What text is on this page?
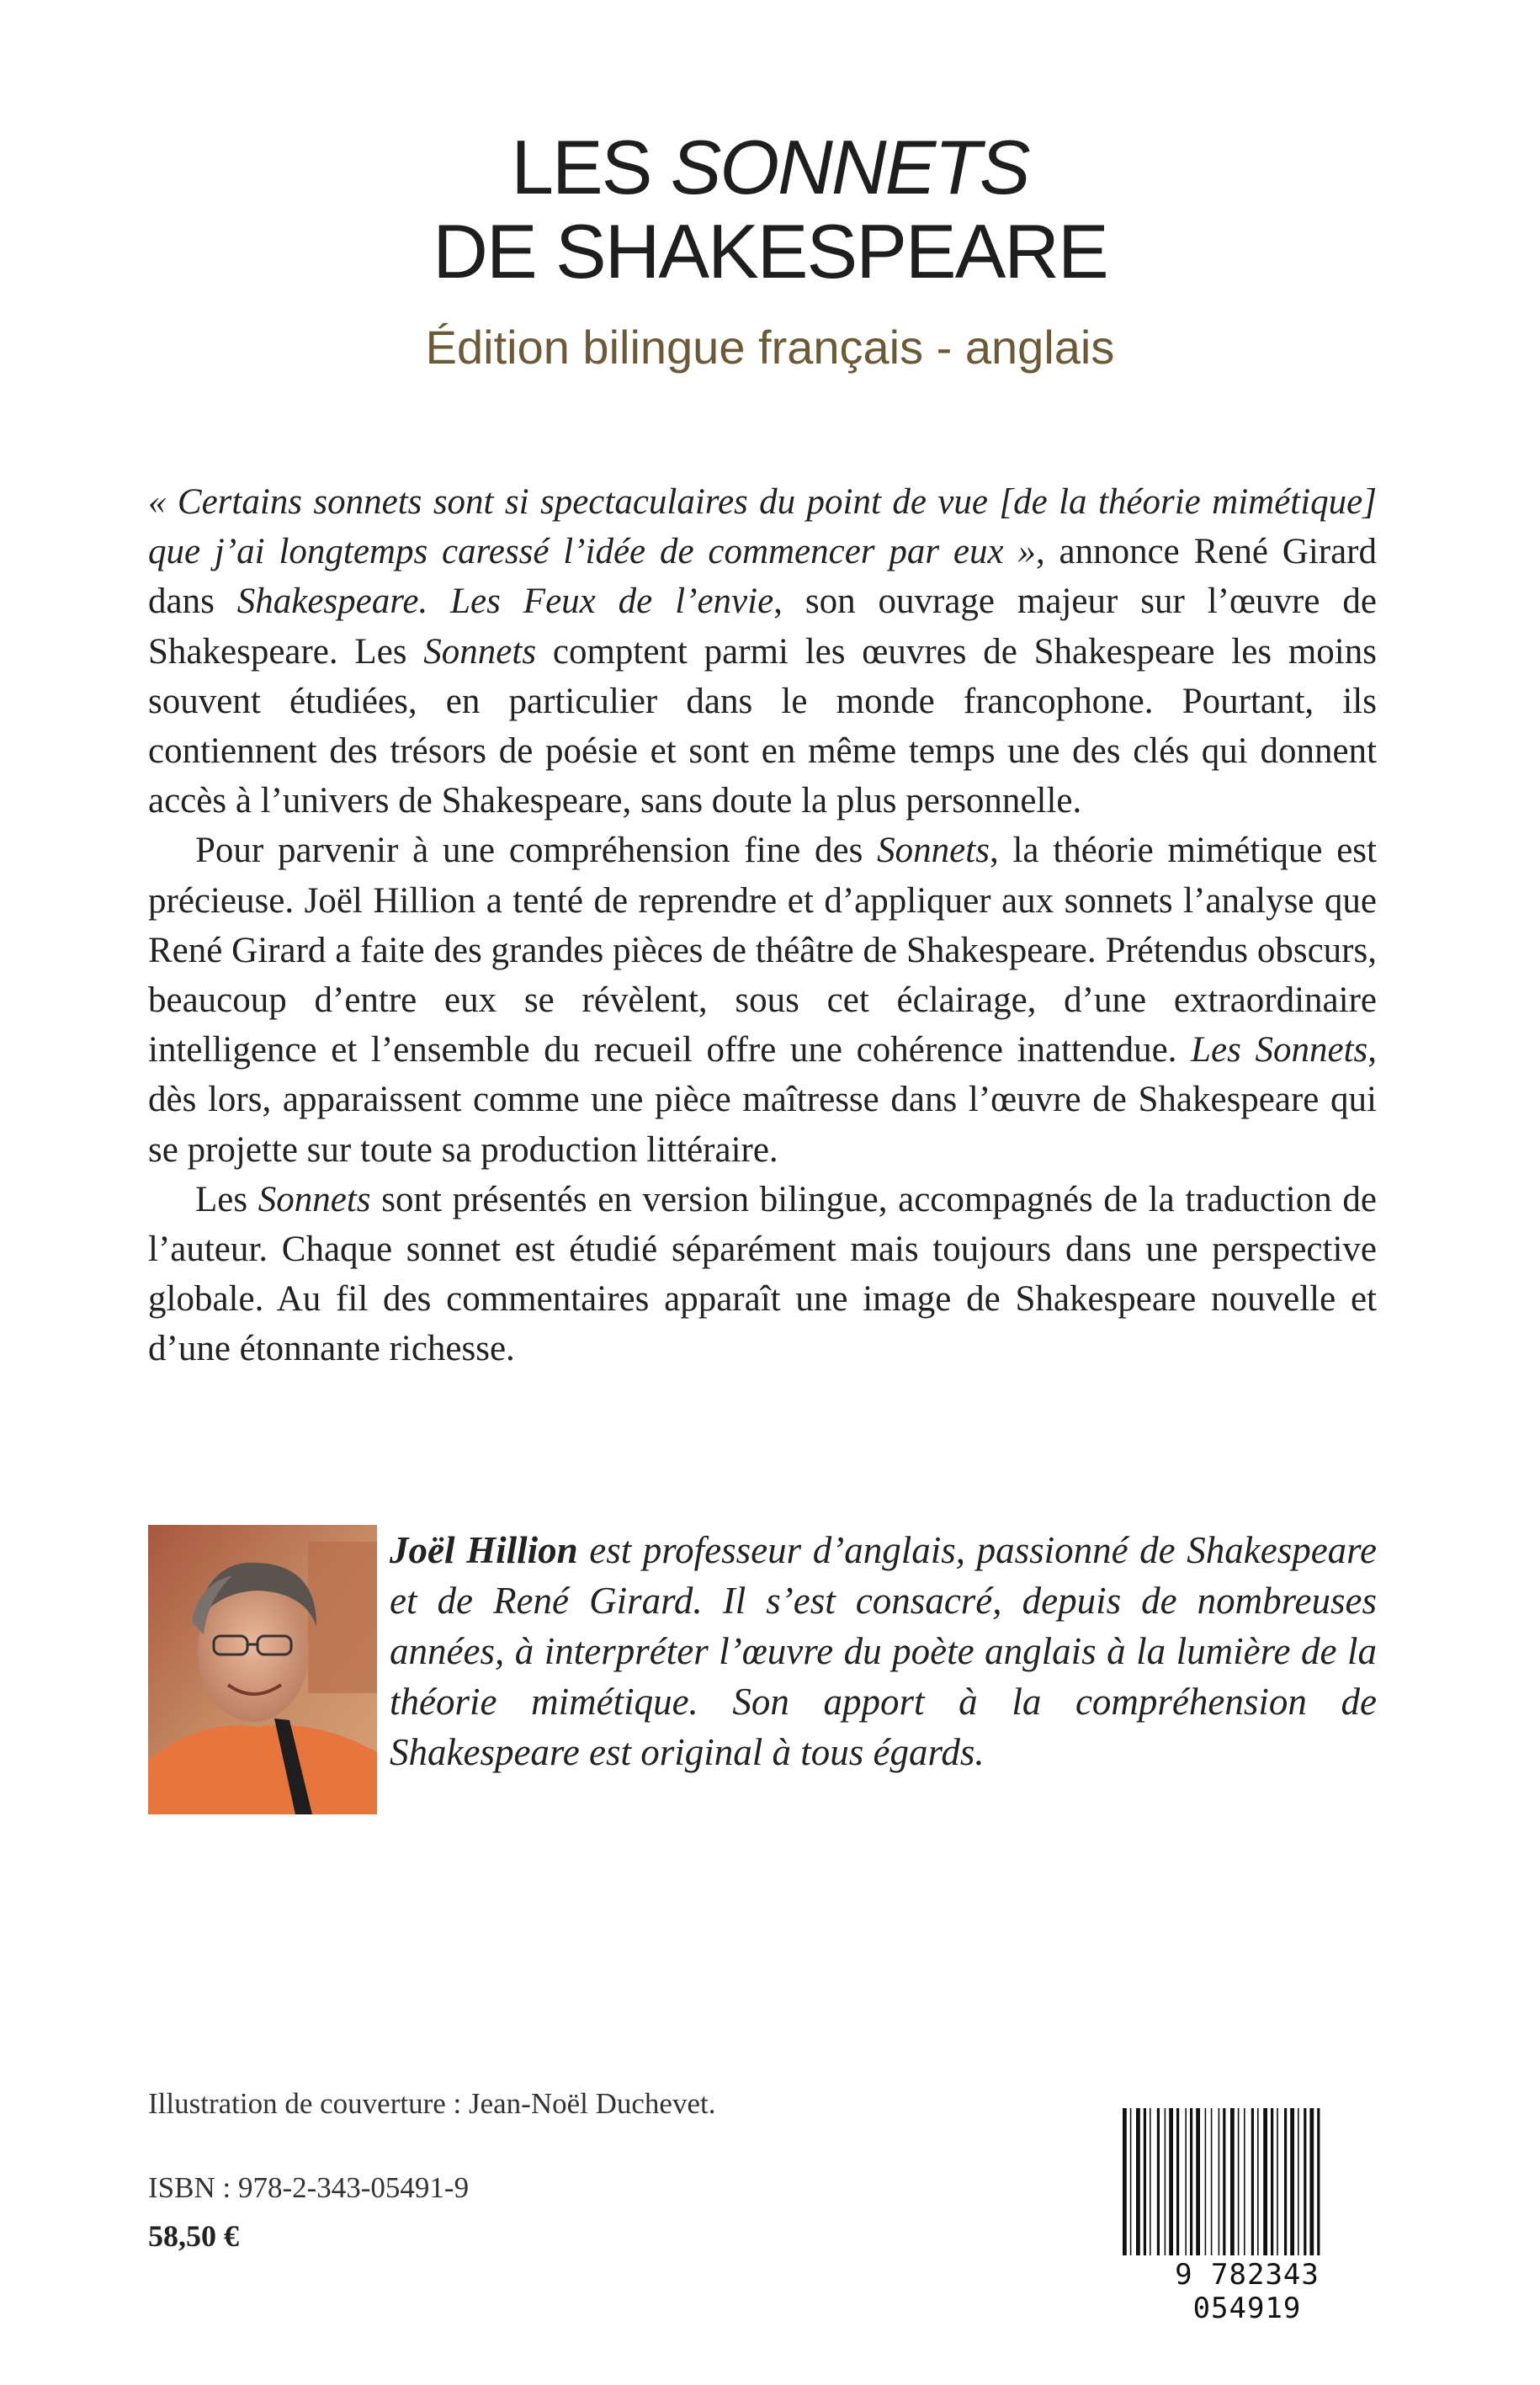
LES SONNETS
DE SHAKESPEARE
Édition bilingue français - anglais

« Certains sonnets sont si spectaculaires du point de vue [de la théorie mimétique] que j’ai longtemps caressé l’idée de commencer par eux », annonce René Girard dans Shakespeare. Les Feux de l’envie, son ouvrage majeur sur l’œuvre de Shakespeare. Les Sonnets comptent parmi les œuvres de Shakespeare les moins souvent étudiées, en particulier dans le monde francophone. Pourtant, ils contiennent des trésors de poésie et sont en même temps une des clés qui donnent accès à l’univers de Shakespeare, sans doute la plus personnelle.

Pour parvenir à une compréhension fine des Sonnets, la théorie mimétique est précieuse. Joël Hillion a tenté de reprendre et d’appliquer aux sonnets l’analyse que René Girard a faite des grandes pièces de théâtre de Shakespeare. Prétendus obscurs, beaucoup d’entre eux se révèlent, sous cet éclairage, d’une extraordinaire intelligence et l’ensemble du recueil offre une cohérence inattendue. Les Sonnets, dès lors, apparaissent comme une pièce maîtresse dans l’œuvre de Shakespeare qui se projette sur toute sa production littéraire.

Les Sonnets sont présentés en version bilingue, accompagnés de la traduction de l’auteur. Chaque sonnet est étudié séparément mais toujours dans une perspective globale. Au fil des commentaires apparaît une image de Shakespeare nouvelle et d’une étonnante richesse.

Joël Hillion est professeur d’anglais, passionné de Shakespeare et de René Girard. Il s’est consacré, depuis de nombreuses années, à interpréter l’œuvre du poète anglais à la lumière de la théorie mimétique. Son apport à la compréhension de Shakespeare est original à tous égards.
Illustration de couverture : Jean-Noël Duchevet.
ISBN : 978-2-343-05491-9
58,50 €
9 782343 054919
